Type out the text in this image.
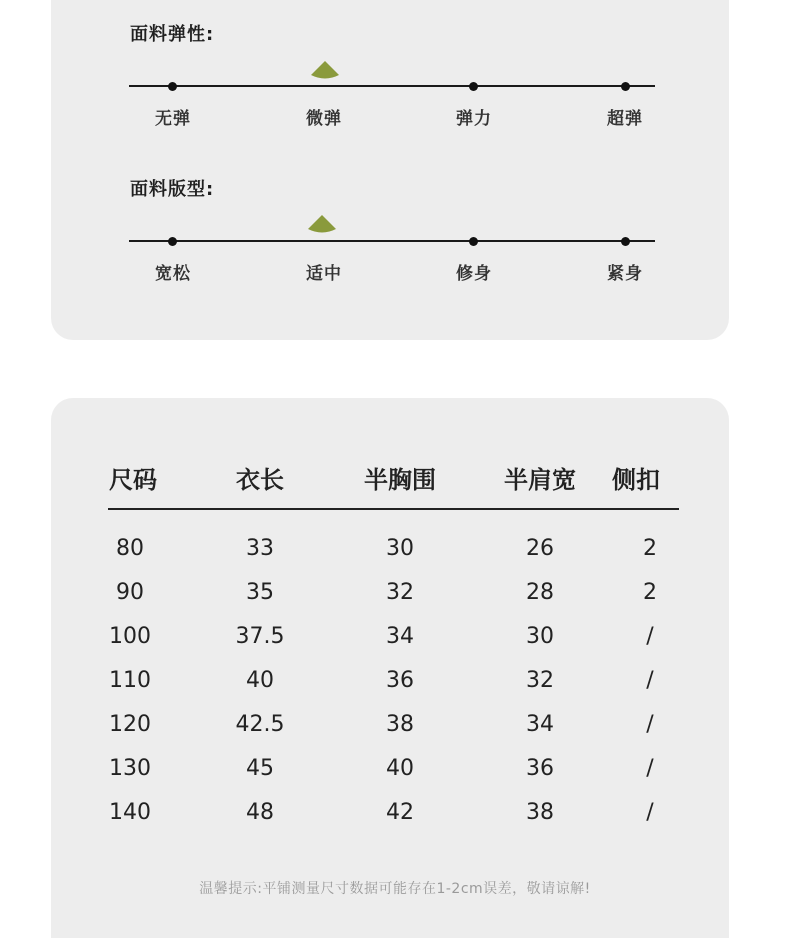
面料弹性:
无弹	微弹	弹力	超弹
面料版型:
宽松	适中	修身	紧身
尺码	衣长	半胸围	半肩宽	侧扣
80	33	30	26	2
90	35	32	28	2
100	37.5	34	30	/
110	40	36	32	/
120	42.5	38	34	/
130	45	40	36	/
140	48	42	38	/
温馨提示:平铺测量尺寸数据可能存在1-2cm误差，敬请谅解!
